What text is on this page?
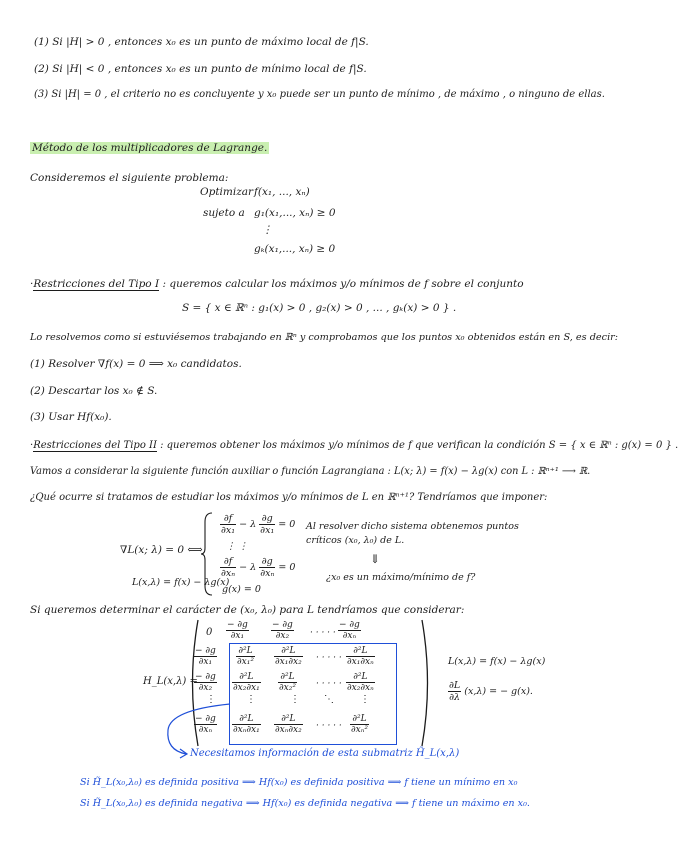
(1) Si |H| > 0 , entonces x₀ es un punto de máximo local de f|S.
(2) Si |H| < 0 , entonces x₀ es un punto de mínimo local de f|S.
(3) Si |H| = 0 , el criterio no es concluyente y x₀ puede ser un punto de mínimo , de máximo , o ninguno de ellas.
Método de los multiplicadores de Lagrange.
Consideremos el siguiente problema:
Optimizar f(x₁, ..., xₙ)
sujeto a g₁(x₁,..., xₙ) ≥ 0
⋮
gₖ(x₁,..., xₙ) ≥ 0
·Restricciones del Tipo I : queremos calcular los máximos y/o mínimos de f sobre el conjunto
S = { x ∈ ℝⁿ : g₁(x) > 0 , g₂(x) > 0 , ... , gₖ(x) > 0 } .
Lo resolvemos como si estuviésemos trabajando en ℝⁿ y comprobamos que los puntos x₀ obtenidos están en S, es decir:
(1) Resolver ∇f(x) = 0 ⟹ x₀ candidatos.
(2) Descartar los x₀ ∉ S.
(3) Usar Hf(x₀).
·Restricciones del Tipo II : queremos obtener los máximos y/o mínimos de f que verifican la condición S = { x ∈ ℝⁿ : g(x) = 0 } .
Vamos a considerar la siguiente función auxiliar o función Lagrangiana : L(x; λ) = f(x) − λg(x) con L : ℝⁿ⁺¹ ⟶ ℝ.
¿Qué ocurre si tratamos de estudiar los máximos y/o mínimos de L en ℝⁿ⁺¹? Tendríamos que imponer:
∇L(x; λ) = 0 ⟺
L(x,λ) = f(x) − λg(x)
$\frac{\partial f}{\text{∂x₁}} - \lambda \frac{\partial g}{\text{∂x₁}} = 0$
⋮ ⋮
$\frac{\partial f}{\text{∂xₙ}} - \lambda \frac{\partial g}{\text{∂xₙ}} = 0$
g(x) = 0
Al resolver dicho sistema obtenemos puntos
críticos (x₀, λ₀) de L.
⇓
¿x₀ es un máximo/mínimo de f?
Si queremos determinar el carácter de (x₀, λ₀) para L tendríamos que considerar:
H_L(x,λ) =
$0 \frac{- \partial g}{\text{∂x₁}} \frac{- \partial g}{\text{∂x₂}}$ · · · · · $\frac{- \partial g}{\text{∂xₙ}}$
$\frac{- \partial g}{\text{∂x₁}} \frac{\text{∂²L}}{\text{∂x₁²}} \frac{\text{∂²L}}{\text{∂x₁∂x₂}}$ · · · · · $\frac{\text{∂²L}}{\text{∂x₁∂xₙ}}$
$\frac{- \partial g}{\text{∂x₂}} \frac{\text{∂²L}}{\text{∂x₂∂x₁}} \frac{\text{∂²L}}{\text{∂x₂²}}$ · · · · · $\frac{\text{∂²L}}{\text{∂x₂∂xₙ}}$
⋮	⋮	⋮ ⋱	⋮
$\frac{- \partial g}{\text{∂xₙ}} \frac{\text{∂²L}}{\text{∂xₙ∂x₁}} \frac{\text{∂²L}}{\text{∂xₙ∂x₂}}$ · · · · · $\frac{\text{∂²L}}{\text{∂xₙ²}}$
L(x,λ) = f(x) − λg(x)
$\frac{\partial L}{\partial\lambda} (x,\lambda)$ = − g(x).
Necesitamos información de esta submatriz H̃_L(x,λ)
Si H̃_L(x₀,λ₀) es definida positiva ⟹ Hf(x₀) es definida positiva ⟹ f tiene un mínimo en x₀
Si H̃_L(x₀,λ₀) es definida negativa ⟹ Hf(x₀) es definida negativa ⟹ f tiene un máximo en x₀.
